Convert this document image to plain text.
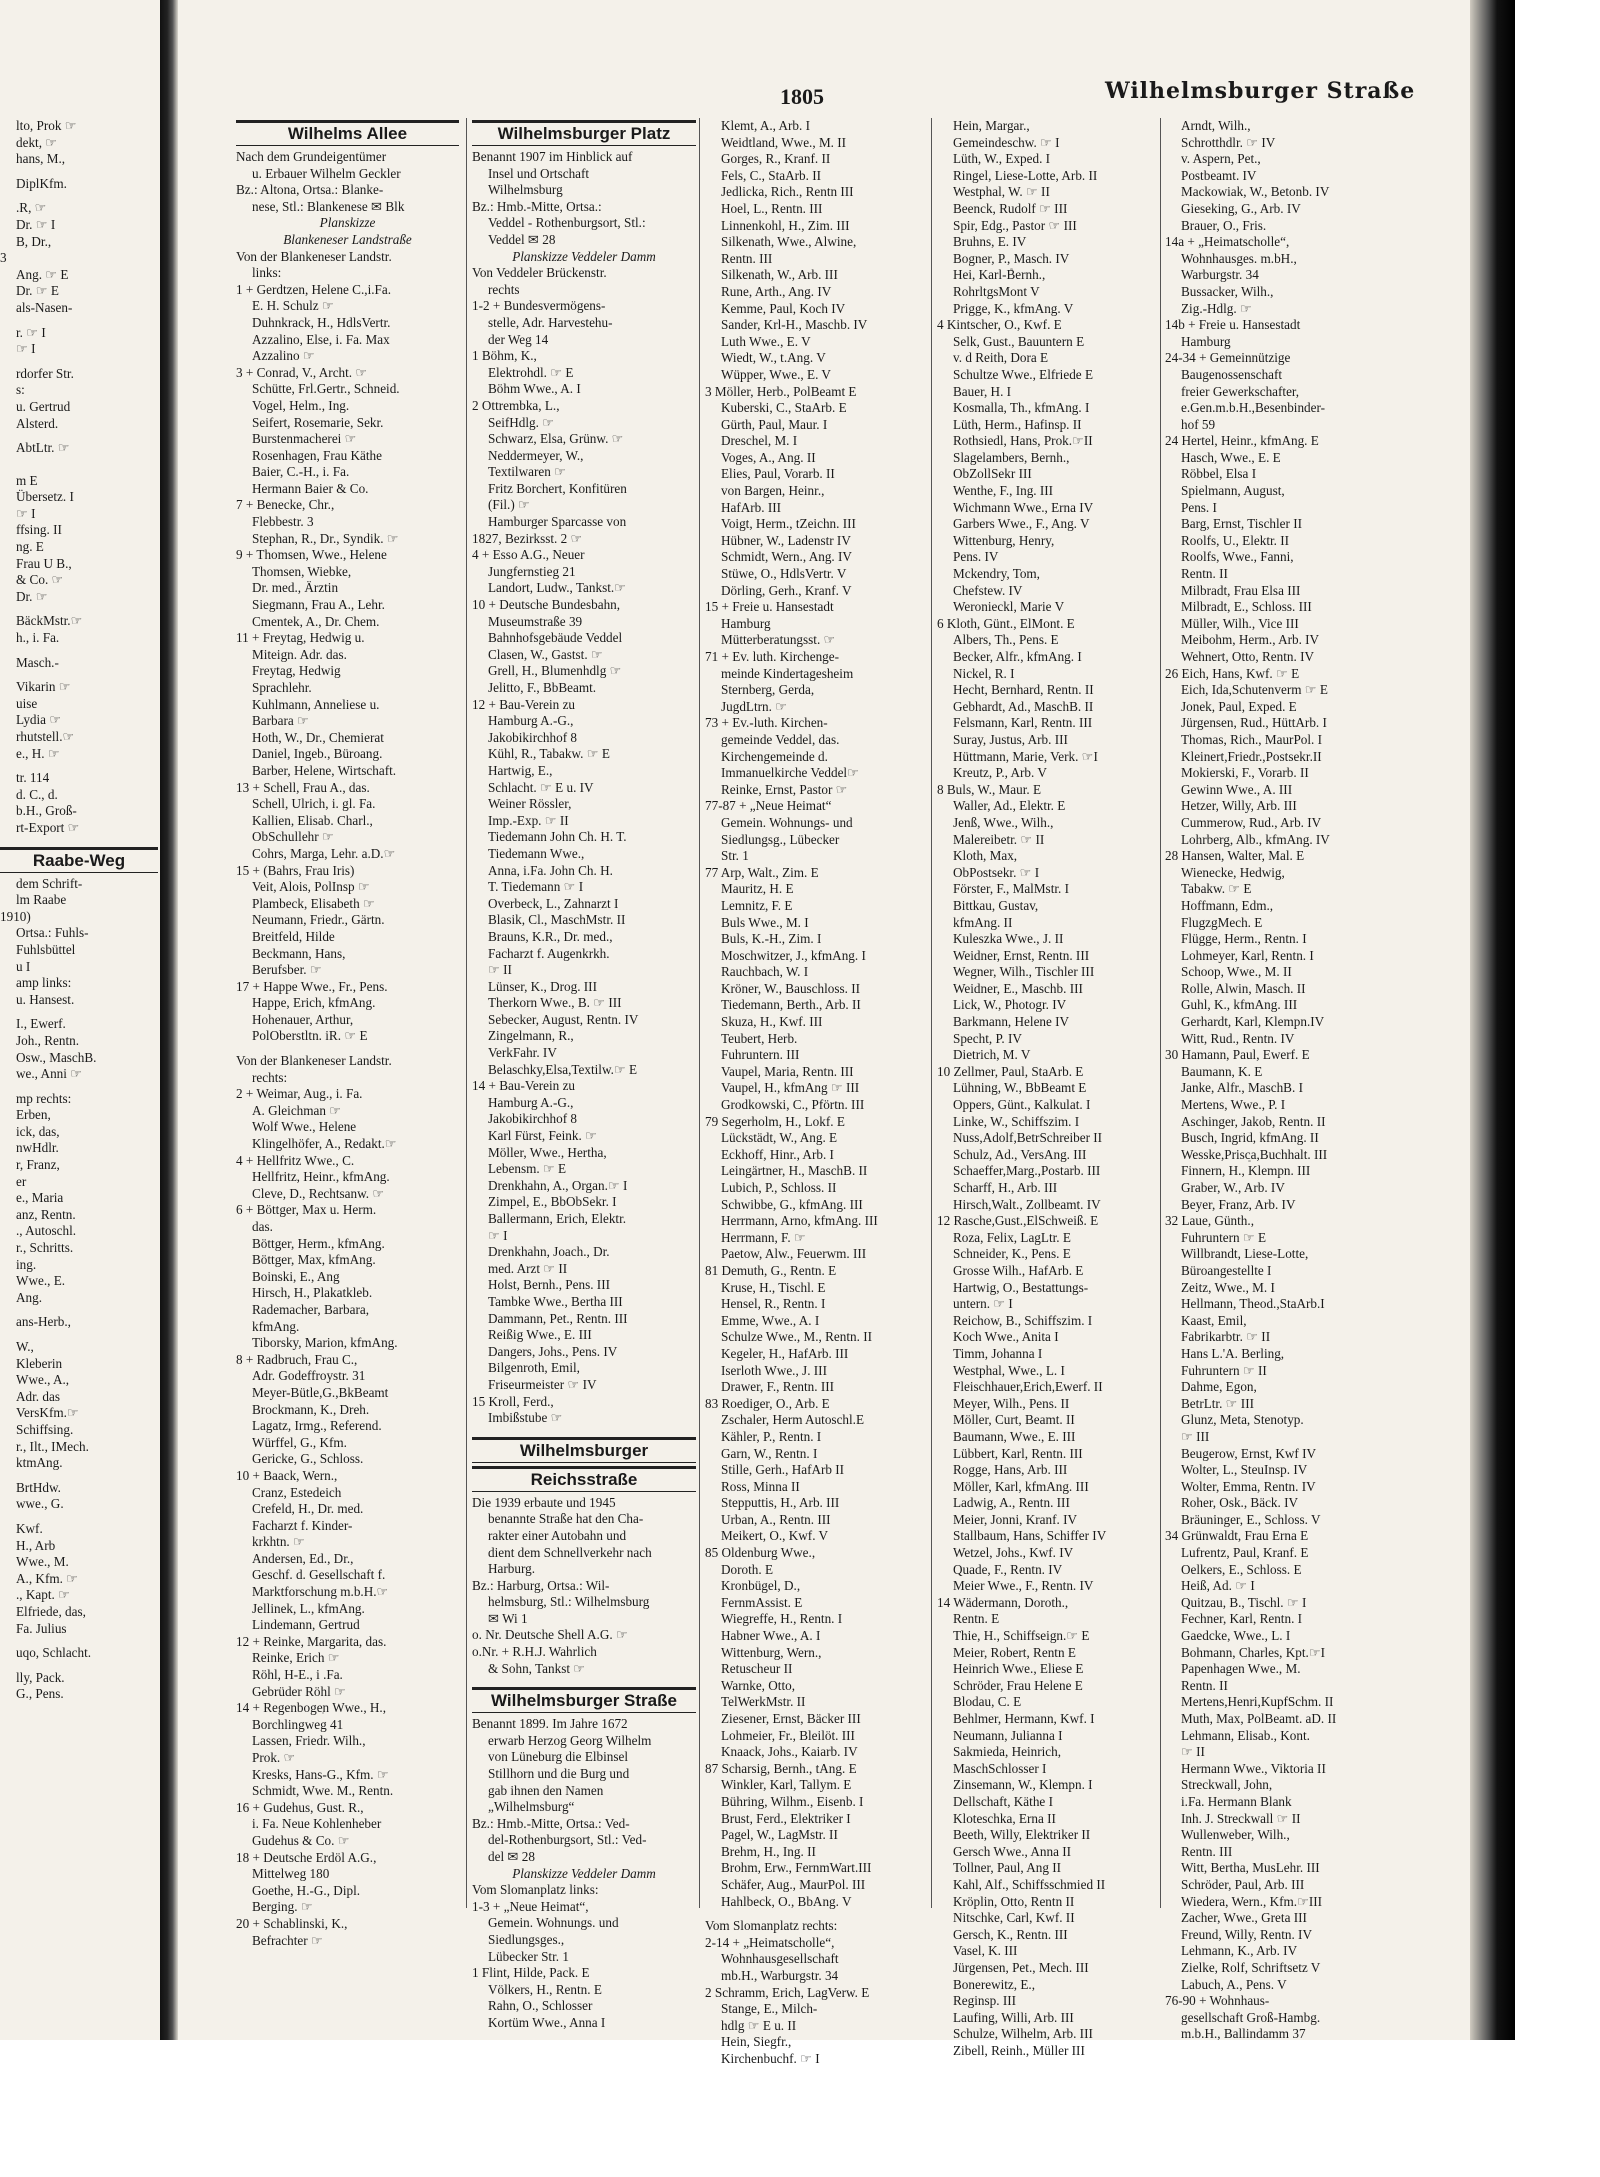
1805	Wilhelmsburger Straße
lto, Prok ☞
dekt, ☞
hans, M.,
DiplKfm.
.R, ☞
Dr. ☞ I
B, Dr.,
3
Ang. ☞ E
Dr. ☞ E
als-Nasen-
r. ☞ I
☞ I
rdorfer Str.
s:
u. Gertrud
Alsterd.
AbtLtr. ☞
m E
Übersetz. I
☞ I
ffsing. II
ng. E
Frau U B.,
& Co. ☞
Dr. ☞
BäckMstr.☞
h., i. Fa.
Masch.-
Vikarin ☞
uise
Lydia ☞
rhutstell.☞
e., H. ☞
tr. 114
d. C., d.
b.H., Groß-
rt-Export ☞
Raabe-Weg
dem Schrift-
lm Raabe
1910)
Ortsa.: Fuhls-
Fuhlsbüttel
u I
amp links:
u. Hansest.
I., Ewerf.
Joh., Rentn.
Osw., MaschB.
we., Anni ☞
mp rechts:
Erben,
ick, das,
nwHdlr.
r, Franz,
er
e., Maria
anz, Rentn.
., Autoschl.
r., Schritts.
ing.
Wwe., E.
Ang.
ans-Herb.,
W.,
Kleberin
Wwe., A.,
Adr. das
VersKfm.☞
Schiffsing.
r., Ilt., IMech.
ktmAng.
BrtHdw.
wwe., G.
Kwf.
H., Arb
Wwe., M.
A., Kfm. ☞
., Kapt. ☞
Elfriede, das,
Fa. Julius
uqo, Schlacht.
lly, Pack.
G., Pens.
Wilhelms Allee
Nach dem Grundeigentümer
u. Erbauer Wilhelm Geckler
Bz.: Altona, Ortsa.: Blanke-
nese, Stl.: Blankenese ✉ Blk
Planskizze
Blankeneser Landstraße
Von der Blankeneser Landstr.
links:
1 + Gerdtzen, Helene C.,i.Fa.
E. H. Schulz ☞
Duhnkrack, H., HdlsVertr.
Azzalino, Else, i. Fa. Max
Azzalino ☞
3 + Conrad, V., Archt. ☞
Schütte, Frl.Gertr., Schneid.
Vogel, Helm., Ing.
Seifert, Rosemarie, Sekr.
Burstenmacherei ☞
Rosenhagen, Frau Käthe
Baier, C.-H., i. Fa.
Hermann Baier & Co.
7 + Benecke, Chr.,
Flebbestr. 3
Stephan, R., Dr., Syndik. ☞
9 + Thomsen, Wwe., Helene
Thomsen, Wiebke,
Dr. med., Ärztin
Siegmann, Frau A., Lehr.
Cmentek, A., Dr. Chem.
11 + Freytag, Hedwig u.
Miteign. Adr. das.
Freytag, Hedwig
Sprachlehr.
Kuhlmann, Anneliese u.
Barbara ☞
Hoth, W., Dr., Chemierat
Daniel, Ingeb., Büroang.
Barber, Helene, Wirtschaft.
13 + Schell, Frau A., das.
Schell, Ulrich, i. gl. Fa.
Kallien, Elisab. Charl.,
ObSchullehr ☞
Cohrs, Marga, Lehr. a.D.☞
15 + (Bahrs, Frau Iris)
Veit, Alois, PolInsp ☞
Plambeck, Elisabeth ☞
Neumann, Friedr., Gärtn.
Breitfeld, Hilde
Beckmann, Hans,
Berufsber. ☞
17 + Happe Wwe., Fr., Pens.
Happe, Erich, kfmAng.
Hohenauer, Arthur,
PolOberstltn. iR. ☞ E
Von der Blankeneser Landstr.
rechts:
2 + Weimar, Aug., i. Fa.
A. Gleichman ☞
Wolf Wwe., Helene
Klingelhöfer, A., Redakt.☞
4 + Hellfritz Wwe., C.
Hellfritz, Heinr., kfmAng.
Cleve, D., Rechtsanw. ☞
6 + Böttger, Max u. Herm.
das.
Böttger, Herm., kfmAng.
Böttger, Max, kfmAng.
Boinski, E., Ang
Hirsch, H., Plakatkleb.
Rademacher, Barbara,
kfmAng.
Tiborsky, Marion, kfmAng.
8 + Radbruch, Frau C.,
Adr. Godeffroystr. 31
Meyer-Bütle,G.,BkBeamt
Brockmann, K., Dreh.
Lagatz, Irmg., Referend.
Würffel, G., Kfm.
Gericke, G., Schloss.
10 + Baack, Wern.,
Cranz, Estedeich
Crefeld, H., Dr. med.
Facharzt f. Kinder-
krkhtn. ☞
Andersen, Ed., Dr.,
Geschf. d. Gesellschaft f.
Marktforschung m.b.H.☞
Jellinek, L., kfmAng.
Lindemann, Gertrud
12 + Reinke, Margarita, das.
Reinke, Erich ☞
Röhl, H-E., i .Fa.
Gebrüder Röhl ☞
14 + Regenbogen Wwe., H.,
Borchlingweg 41
Lassen, Friedr. Wilh.,
Prok. ☞
Kresks, Hans-G., Kfm. ☞
Schmidt, Wwe. M., Rentn.
16 + Gudehus, Gust. R.,
i. Fa. Neue Kohlenheber
Gudehus & Co. ☞
18 + Deutsche Erdöl A.G.,
Mittelweg 180
Goethe, H.-G., Dipl.
Berging. ☞
20 + Schablinski, K.,
Befrachter ☞
Wilhelmsburger Platz
Benannt 1907 im Hinblick auf
Insel und Ortschaft
Wilhelmsburg
Bz.: Hmb.-Mitte, Ortsa.:
Veddel - Rothenburgsort, Stl.:
Veddel ✉ 28
Planskizze Veddeler Damm
Von Veddeler Brückenstr.
rechts
1-2 + Bundesvermögens-
stelle, Adr. Harvestehu-
der Weg 14
1 Böhm, K.,
Elektrohdl. ☞ E
Böhm Wwe., A. I
2 Ottrembka, L.,
SeifHdlg. ☞
Schwarz, Elsa, Grünw. ☞
Neddermeyer, W.,
Textilwaren ☞
Fritz Borchert, Konfitüren
(Fil.) ☞
Hamburger Sparcasse von
1827, Bezirksst. 2 ☞
4 + Esso A.G., Neuer
Jungfernstieg 21
Landort, Ludw., Tankst.☞
10 + Deutsche Bundesbahn,
Museumstraße 39
Bahnhofsgebäude Veddel
Clasen, W., Gastst. ☞
Grell, H., Blumenhdlg ☞
Jelitto, F., BbBeamt.
12 + Bau-Verein zu
Hamburg A.-G.,
Jakobikirchhof 8
Kühl, R., Tabakw. ☞ E
Hartwig, E.,
Schlacht. ☞ E u. IV
Weiner Rössler,
Imp.-Exp. ☞ II
Tiedemann John Ch. H. T.
Tiedemann Wwe.,
Anna, i.Fa. John Ch. H.
T. Tiedemann ☞ I
Overbeck, L., Zahnarzt I
Blasik, Cl., MaschMstr. II
Brauns, K.R., Dr. med.,
Facharzt f. Augenkrkh.
☞ II
Lünser, K., Drog. III
Therkorn Wwe., B. ☞ III
Sebecker, August, Rentn. IV
Zingelmann, R.,
VerkFahr. IV
Belaschky,Elsa,Textilw.☞ E
14 + Bau-Verein zu
Hamburg A.-G.,
Jakobikirchhof 8
Karl Fürst, Feink. ☞
Möller, Wwe., Hertha,
Lebensm. ☞ E
Drenkhahn, A., Organ.☞ I
Zimpel, E., BbObSekr. I
Ballermann, Erich, Elektr.
☞ I
Drenkhahn, Joach., Dr.
med. Arzt ☞ II
Holst, Bernh., Pens. III
Tambke Wwe., Bertha III
Dammann, Pet., Rentn. III
Reißig Wwe., E. III
Dangers, Johs., Pens. IV
Bilgenroth, Emil,
Friseurmeister ☞ IV
15 Kroll, Ferd.,
Imbißstube ☞
Wilhelmsburger
Reichsstraße
Die 1939 erbaute und 1945
benannte Straße hat den Cha-
rakter einer Autobahn und
dient dem Schnellverkehr nach
Harburg.
Bz.: Harburg, Ortsa.: Wil-
helmsburg, Stl.: Wilhelmsburg
✉ Wi 1
o. Nr. Deutsche Shell A.G. ☞
o.Nr. + R.H.J. Wahrlich
& Sohn, Tankst ☞
Wilhelmsburger Straße
Benannt 1899. Im Jahre 1672
erwarb Herzog Georg Wilhelm
von Lüneburg die Elbinsel
Stillhorn und die Burg und
gab ihnen den Namen
„Wilhelmsburg“
Bz.: Hmb.-Mitte, Ortsa.: Ved-
del-Rothenburgsort, Stl.: Ved-
del ✉ 28
Planskizze Veddeler Damm
Vom Slomanplatz links:
1-3 + „Neue Heimat“,
Gemein. Wohnungs. und
Siedlungsges.,
Lübecker Str. 1
1 Flint, Hilde, Pack. E
Völkers, H., Rentn. E
Rahn, O., Schlosser
Kortüm Wwe., Anna I
Klemt, A., Arb. I
Weidtland, Wwe., M. II
Gorges, R., Kranf. II
Fels, C., StaArb. II
Jedlicka, Rich., Rentn III
Hoel, L., Rentn. III
Linnenkohl, H., Zim. III
Silkenath, Wwe., Alwine,
Rentn. III
Silkenath, W., Arb. III
Rune, Arth., Ang. IV
Kemme, Paul, Koch IV
Sander, Krl-H., Maschb. IV
Luth Wwe., E. V
Wiedt, W., t.Ang. V
Wüpper, Wwe., E. V
3 Möller, Herb., PolBeamt E
Kuberski, C., StaArb. E
Gürth, Paul, Maur. I
Dreschel, M. I
Voges, A., Ang. II
Elies, Paul, Vorarb. II
von Bargen, Heinr.,
HafArb. III
Voigt, Herm., tZeichn. III
Hübner, W., Ladenstr IV
Schmidt, Wern., Ang. IV
Stüwe, O., HdlsVertr. V
Dörling, Gerh., Kranf. V
15 + Freie u. Hansestadt
Hamburg
Mütterberatungsst. ☞
71 + Ev. luth. Kirchenge-
meinde Kindertagesheim
Sternberg, Gerda,
JugdLtrn. ☞
73 + Ev.-luth. Kirchen-
gemeinde Veddel, das.
Kirchengemeinde d.
Immanuelkirche Veddel☞
Reinke, Ernst, Pastor ☞
77-87 + „Neue Heimat“
Gemein. Wohnungs- und
Siedlungsg., Lübecker
Str. 1
77 Arp, Walt., Zim. E
Mauritz, H. E
Lemnitz, F. E
Buls Wwe., M. I
Buls, K.-H., Zim. I
Moschwitzer, J., kfmAng. I
Rauchbach, W. I
Kröner, W., Bauschloss. II
Tiedemann, Berth., Arb. II
Skuza, H., Kwf. III
Teubert, Herb.
Fuhruntern. III
Vaupel, Maria, Rentn. III
Vaupel, H., kfmAng ☞ III
Grodkowski, C., Pförtn. III
79 Segerholm, H., Lokf. E
Lückstädt, W., Ang. E
Eckhoff, Hinr., Arb. I
Leingärtner, H., MaschB. II
Lubich, P., Schloss. II
Schwibbe, G., kfmAng. III
Herrmann, Arno, kfmAng. III
Herrmann, F. ☞
Paetow, Alw., Feuerwm. III
81 Demuth, G., Rentn. E
Kruse, H., Tischl. E
Hensel, R., Rentn. I
Emme, Wwe., A. I
Schulze Wwe., M., Rentn. II
Kegeler, H., HafArb. III
Iserloth Wwe., J. III
Drawer, F., Rentn. III
83 Roediger, O., Arb. E
Zschaler, Herm Autoschl.E
Kähler, P., Rentn. I
Garn, W., Rentn. I
Stille, Gerh., HafArb II
Ross, Minna II
Stepputtis, H., Arb. III
Urban, A., Rentn. III
Meikert, O., Kwf. V
85 Oldenburg Wwe.,
Doroth. E
Kronbügel, D.,
FernmAssist. E
Wiegreffe, H., Rentn. I
Habner Wwe., A. I
Wittenburg, Wern.,
Retuscheur II
Warnke, Otto,
TelWerkMstr. II
Ziesener, Ernst, Bäcker III
Lohmeier, Fr., Bleilöt. III
Knaack, Johs., Kaiarb. IV
87 Scharsig, Bernh., tAng. E
Winkler, Karl, Tallym. E
Bühring, Wilhm., Eisenb. I
Brust, Ferd., Elektriker I
Pagel, W., LagMstr. II
Brehm, H., Ing. II
Brohm, Erw., FernmWart.III
Schäfer, Aug., MaurPol. III
Hahlbeck, O., BbAng. V
Vom Slomanplatz rechts:
2-14 + „Heimatscholle“,
Wohnhausgesellschaft
mb.H., Warburgstr. 34
2 Schramm, Erich, LagVerw. E
Stange, E., Milch-
hdlg ☞ E u. II
Hein, Siegfr.,
Kirchenbuchf. ☞ I
Hein, Margar.,
Gemeindeschw. ☞ I
Lüth, W., Exped. I
Ringel, Liese-Lotte, Arb. II
Westphal, W. ☞ II
Beenck, Rudolf ☞ III
Spir, Edg., Pastor ☞ III
Bruhns, E. IV
Bogner, P., Masch. IV
Hei, Karl-Bernh.,
RohrltgsMont V
Prigge, K., kfmAng. V
4 Kintscher, O., Kwf. E
Selk, Gust., Bauuntern E
v. d Reith, Dora E
Schultze Wwe., Elfriede E
Bauer, H. I
Kosmalla, Th., kfmAng. I
Lüth, Herm., Hafinsp. II
Rothsiedl, Hans, Prok.☞II
Slagelambers, Bernh.,
ObZollSekr III
Wenthe, F., Ing. III
Wichmann Wwe., Erna IV
Garbers Wwe., F., Ang. V
Wittenburg, Henry,
Pens. IV
Mckendry, Tom,
Chefstew. IV
Weronieckl, Marie V
6 Kloth, Günt., ElMont. E
Albers, Th., Pens. E
Becker, Alfr., kfmAng. I
Nickel, R. I
Hecht, Bernhard, Rentn. II
Gebhardt, Ad., MaschB. II
Felsmann, Karl, Rentn. III
Suray, Justus, Arb. III
Hüttmann, Marie, Verk. ☞I
Kreutz, P., Arb. V
8 Buls, W., Maur. E
Waller, Ad., Elektr. E
Jenß, Wwe., Wilh.,
Malereibetr. ☞ II
Kloth, Max,
ObPostsekr. ☞ I
Förster, F., MalMstr. I
Bittkau, Gustav,
kfmAng. II
Kuleszka Wwe., J. II
Weidner, Ernst, Rentn. III
Wegner, Wilh., Tischler III
Weidner, E., Maschb. III
Lick, W., Photogr. IV
Barkmann, Helene IV
Specht, P. IV
Dietrich, M. V
10 Zellmer, Paul, StaArb. E
Lühning, W., BbBeamt E
Oppers, Günt., Kalkulat. I
Linke, W., Schiffszim. I
Nuss,Adolf,BetrSchreiber II
Schulz, Ad., VersAng. III
Schaeffer,Marg.,Postarb. III
Scharff, H., Arb. III
Hirsch,Walt., Zollbeamt. IV
12 Rasche,Gust.,ElSchweiß. E
Roza, Felix, LagLtr. E
Schneider, K., Pens. E
Grosse Wilh., HafArb. E
Hartwig, O., Bestattungs-
untern. ☞ I
Reichow, B., Schiffszim. I
Koch Wwe., Anita I
Timm, Johanna I
Westphal, Wwe., L. I
Fleischhauer,Erich,Ewerf. II
Meyer, Wilh., Pens. II
Möller, Curt, Beamt. II
Baumann, Wwe., E. III
Lübbert, Karl, Rentn. III
Rogge, Hans, Arb. III
Möller, Karl, kfmAng. III
Ladwig, A., Rentn. III
Meier, Jonni, Kranf. IV
Stallbaum, Hans, Schiffer IV
Wetzel, Johs., Kwf. IV
Quade, F., Rentn. IV
Meier Wwe., F., Rentn. IV
14 Wädermann, Doroth.,
Rentn. E
Thie, H., Schiffseign.☞ E
Meier, Robert, Rentn E
Heinrich Wwe., Eliese E
Schröder, Frau Helene E
Blodau, C. E
Behlmer, Hermann, Kwf. I
Neumann, Julianna I
Sakmieda, Heinrich,
MaschSchlosser I
Zinsemann, W., Klempn. I
Dellschaft, Käthe I
Kloteschka, Erna II
Beeth, Willy, Elektriker II
Gersch Wwe., Anna II
Tollner, Paul, Ang II
Kahl, Alf., Schiffsschmied II
Kröplin, Otto, Rentn II
Nitschke, Carl, Kwf. II
Gersch, K., Rentn. III
Vasel, K. III
Jürgensen, Pet., Mech. III
Bonerewitz, E.,
Reginsp. III
Laufing, Willi, Arb. III
Schulze, Wilhelm, Arb. III
Zibell, Reinh., Müller III
Arndt, Wilh.,
Schrotthdlr. ☞ IV
v. Aspern, Pet.,
Postbeamt. IV
Mackowiak, W., Betonb. IV
Gieseking, G., Arb. IV
Brauer, O., Fris.
14a + „Heimatscholle“,
Wohnhausges. m.bH.,
Warburgstr. 34
Bussacker, Wilh.,
Zig.-Hdlg. ☞
14b + Freie u. Hansestadt
Hamburg
24-34 + Gemeinnützige
Baugenossenschaft
freier Gewerkschafter,
e.Gen.m.b.H.,Besenbinder-
hof 59
24 Hertel, Heinr., kfmAng. E
Hasch, Wwe., E. E
Röbbel, Elsa I
Spielmann, August,
Pens. I
Barg, Ernst, Tischler II
Roolfs, U., Elektr. II
Roolfs, Wwe., Fanni,
Rentn. II
Milbradt, Frau Elsa III
Milbradt, E., Schloss. III
Müller, Wilh., Vice III
Meibohm, Herm., Arb. IV
Wehnert, Otto, Rentn. IV
26 Eich, Hans, Kwf. ☞ E
Eich, Ida,Schutenverm ☞ E
Jonek, Paul, Exped. E
Jürgensen, Rud., HüttArb. I
Thomas, Rich., MaurPol. I
Kleinert,Friedr.,Postsekr.II
Mokierski, F., Vorarb. II
Gewinn Wwe., A. III
Hetzer, Willy, Arb. III
Cummerow, Rud., Arb. IV
Lohrberg, Alb., kfmAng. IV
28 Hansen, Walter, Mal. E
Wienecke, Hedwig,
Tabakw. ☞ E
Hoffmann, Edm.,
FlugzgMech. E
Flügge, Herm., Rentn. I
Lohmeyer, Karl, Rentn. I
Schoop, Wwe., M. II
Rolle, Alwin, Masch. II
Guhl, K., kfmAng. III
Gerhardt, Karl, Klempn.IV
Witt, Rud., Rentn. IV
30 Hamann, Paul, Ewerf. E
Baumann, K. E
Janke, Alfr., MaschB. I
Mertens, Wwe., P. I
Aschinger, Jakob, Rentn. II
Busch, Ingrid, kfmAng. II
Wesske,Prisca,Buchhalt. III
Finnern, H., Klempn. III
Graber, W., Arb. IV
Beyer, Franz, Arb. IV
32 Laue, Günth.,
Fuhruntern ☞ E
Willbrandt, Liese-Lotte,
Büroangestellte I
Zeitz, Wwe., M. I
Hellmann, Theod.,StaArb.I
Kaast, Emil,
Fabrikarbtr. ☞ II
Hans L.'A. Berling,
Fuhruntern ☞ II
Dahme, Egon,
BetrLtr. ☞ III
Glunz, Meta, Stenotyp.
☞ III
Beugerow, Ernst, Kwf IV
Wolter, L., SteuInsp. IV
Wolter, Emma, Rentn. IV
Roher, Osk., Bäck. IV
Bräuninger, E., Schloss. V
34 Grünwaldt, Frau Erna E
Lufrentz, Paul, Kranf. E
Oelkers, E., Schloss. E
Heiß, Ad. ☞ I
Quitzau, B., Tischl. ☞ I
Fechner, Karl, Rentn. I
Gaedcke, Wwe., L. I
Bohmann, Charles, Kpt.☞I
Papenhagen Wwe., M.
Rentn. II
Mertens,Henri,KupfSchm. II
Muth, Max, PolBeamt. aD. II
Lehmann, Elisab., Kont.
☞ II
Hermann Wwe., Viktoria II
Streckwall, John,
i.Fa. Hermann Blank
Inh. J. Streckwall ☞ II
Wullenweber, Wilh.,
Rentn. III
Witt, Bertha, MusLehr. III
Schröder, Paul, Arb. III
Wiedera, Wern., Kfm.☞III
Zacher, Wwe., Greta III
Freund, Willy, Rentn. IV
Lehmann, K., Arb. IV
Zielke, Rolf, Schriftsetz V
Labuch, A., Pens. V
76-90 + Wohnhaus-
gesellschaft Groß-Hambg.
m.b.H., Ballindamm 37
